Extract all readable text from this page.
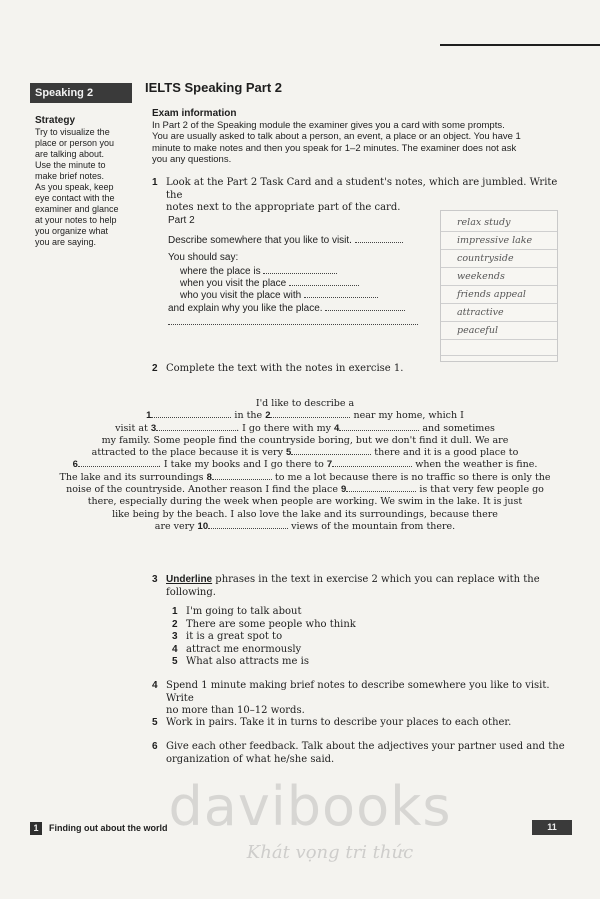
Speaking 2
Strategy
Try to visualize the
place or person you
are talking about.
Use the minute to
make brief notes.
As you speak, keep
eye contact with the
examiner and glance
at your notes to help
you organize what
you are saying.
IELTS Speaking Part 2
Exam information
In Part 2 of the Speaking module the examiner gives you a card with some prompts.
You are usually asked to talk about a person, an event, a place or an object. You have 1
minute to make notes and then you speak for 1–2 minutes. The examiner does not ask
you any questions.
1 Look at the Part 2 Task Card and a student's notes, which are jumbled. Write the
notes next to the appropriate part of the card.
Part 2
Describe somewhere that you like to visit.
You should say:
where the place is
when you visit the place
who you visit the place with
and explain why you like the place.
relax study
impressive lake
countryside
weekends
friends appeal
attractive
peaceful
2 Complete the text with the notes in exercise 1.
I'd like to describe a
1	in the 2	near my home, which I
visit at 3	. I go there with my 4	and sometimes
my family. Some people find the countryside boring, but we don't find it dull. We are
attracted to the place because it is very 5	there and it is a good place to
6	. I take my books and I go there to 7	when the weather is fine.
The lake and its surroundings 8	to me a lot because there is no traffic so there is only the
noise of the countryside. Another reason I find the place 9	is that very few people go
there, especially during the week when people are working. We swim in the lake. It is just
like being by the beach. I also love the lake and its surroundings, because there
are very 10	views of the mountain from there.
3 Underline phrases in the text in exercise 2 which you can replace with the
following.
1 I'm going to talk about
2 There are some people who think
3 it is a great spot to
4 attract me enormously
5 What also attracts me is
4 Spend 1 minute making brief notes to describe somewhere you like to visit. Write
no more than 10–12 words.
5 Work in pairs. Take it in turns to describe your places to each other.
6 Give each other feedback. Talk about the adjectives your partner used and the
organization of what he/she said.
davibooks
Khát vọng tri thức
1	Finding out about the world	11
